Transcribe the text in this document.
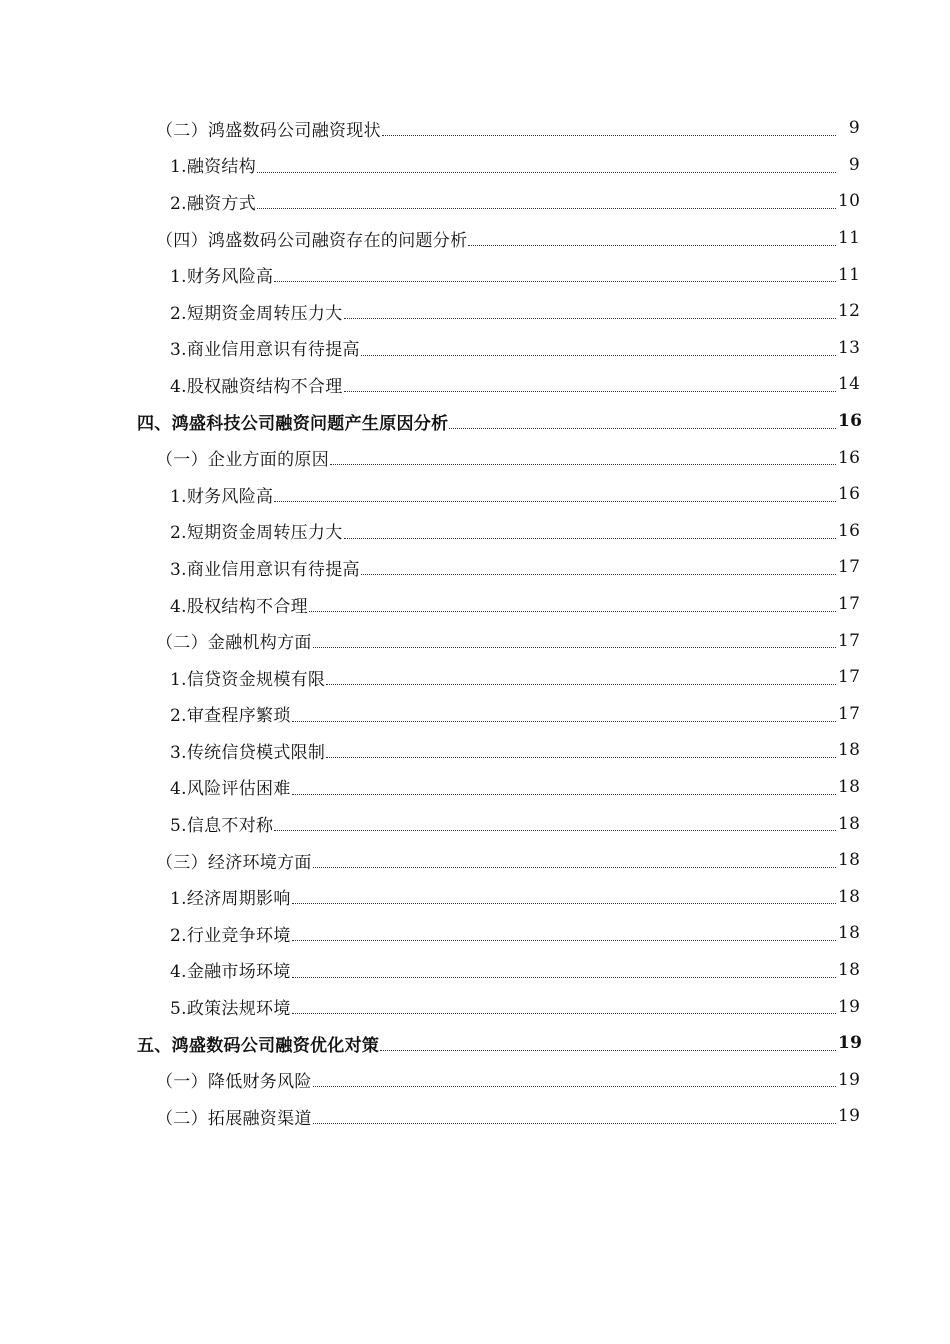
（二）鸿盛数码公司融资现状	9
1.融资结构	9
2.融资方式	10
（四）鸿盛数码公司融资存在的问题分析	11
1.财务风险高	11
2.短期资金周转压力大	12
3.商业信用意识有待提高	13
4.股权融资结构不合理	14
四、鸿盛科技公司融资问题产生原因分析	16
（一）企业方面的原因	16
1.财务风险高	16
2.短期资金周转压力大	16
3.商业信用意识有待提高	17
4.股权结构不合理	17
（二）金融机构方面	17
1.信贷资金规模有限	17
2.审查程序繁琐	17
3.传统信贷模式限制	18
4.风险评估困难	18
5.信息不对称	18
（三）经济环境方面	18
1.经济周期影响	18
2.行业竞争环境	18
4.金融市场环境	18
5.政策法规环境	19
五、鸿盛数码公司融资优化对策	19
（一）降低财务风险	19
（二）拓展融资渠道	19
